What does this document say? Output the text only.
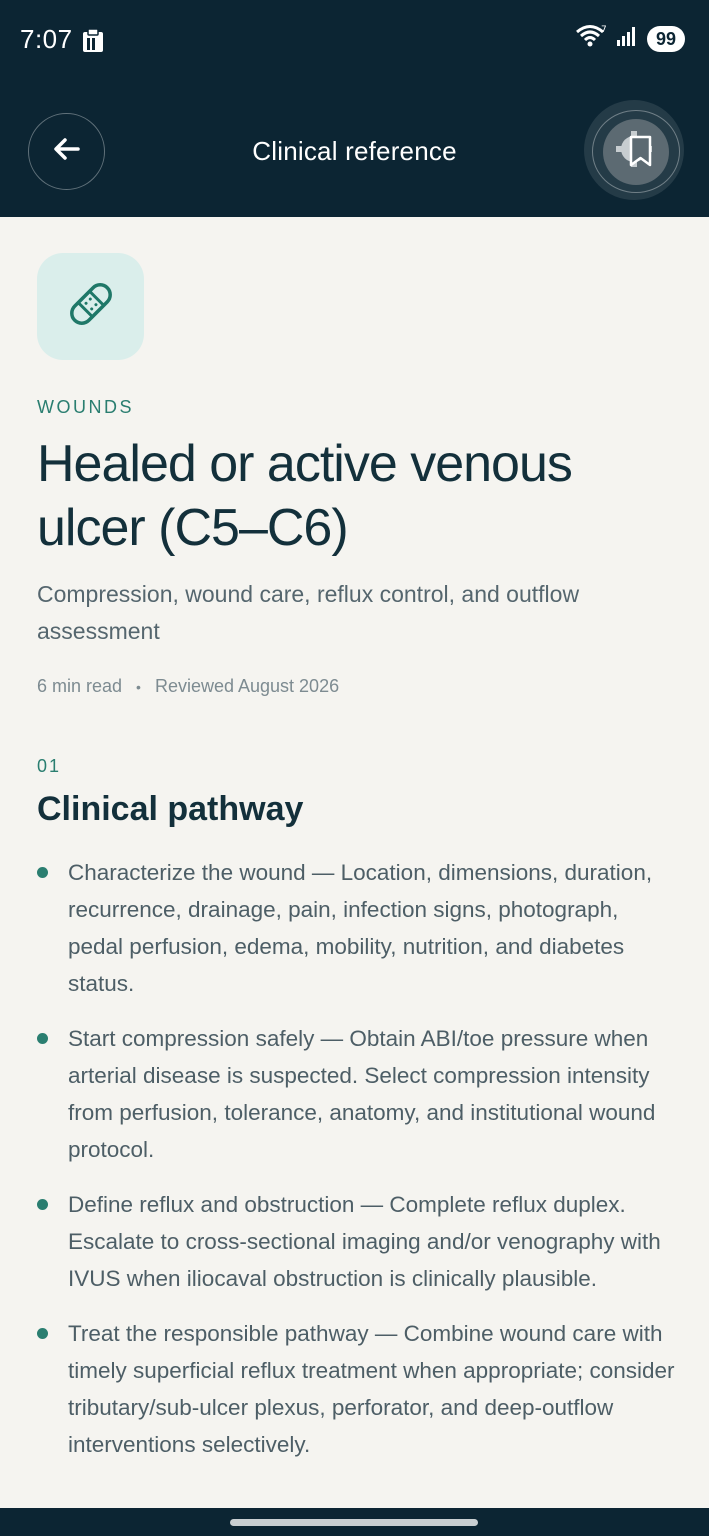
7:07	7	99
Clinical reference
WOUNDS
Healed or active venous ulcer (C5–C6)

Compression, wound care, reflux control, and outflow assessment

6 min read • Reviewed August 2026
01
Clinical pathway
Characterize the wound — Location, dimensions, duration, recurrence, drainage, pain, infection signs, photograph, pedal perfusion, edema, mobility, nutrition, and diabetes status.
Start compression safely — Obtain ABI/toe pressure when arterial disease is suspected. Select compression intensity from perfusion, tolerance, anatomy, and institutional wound protocol.
Define reflux and obstruction — Complete reflux duplex. Escalate to cross-sectional imaging and/or venography with IVUS when iliocaval obstruction is clinically plausible.
Treat the responsible pathway — Combine wound care with timely superficial reflux treatment when appropriate; consider tributary/sub-ulcer plexus, perforator, and deep-outflow interventions selectively.
